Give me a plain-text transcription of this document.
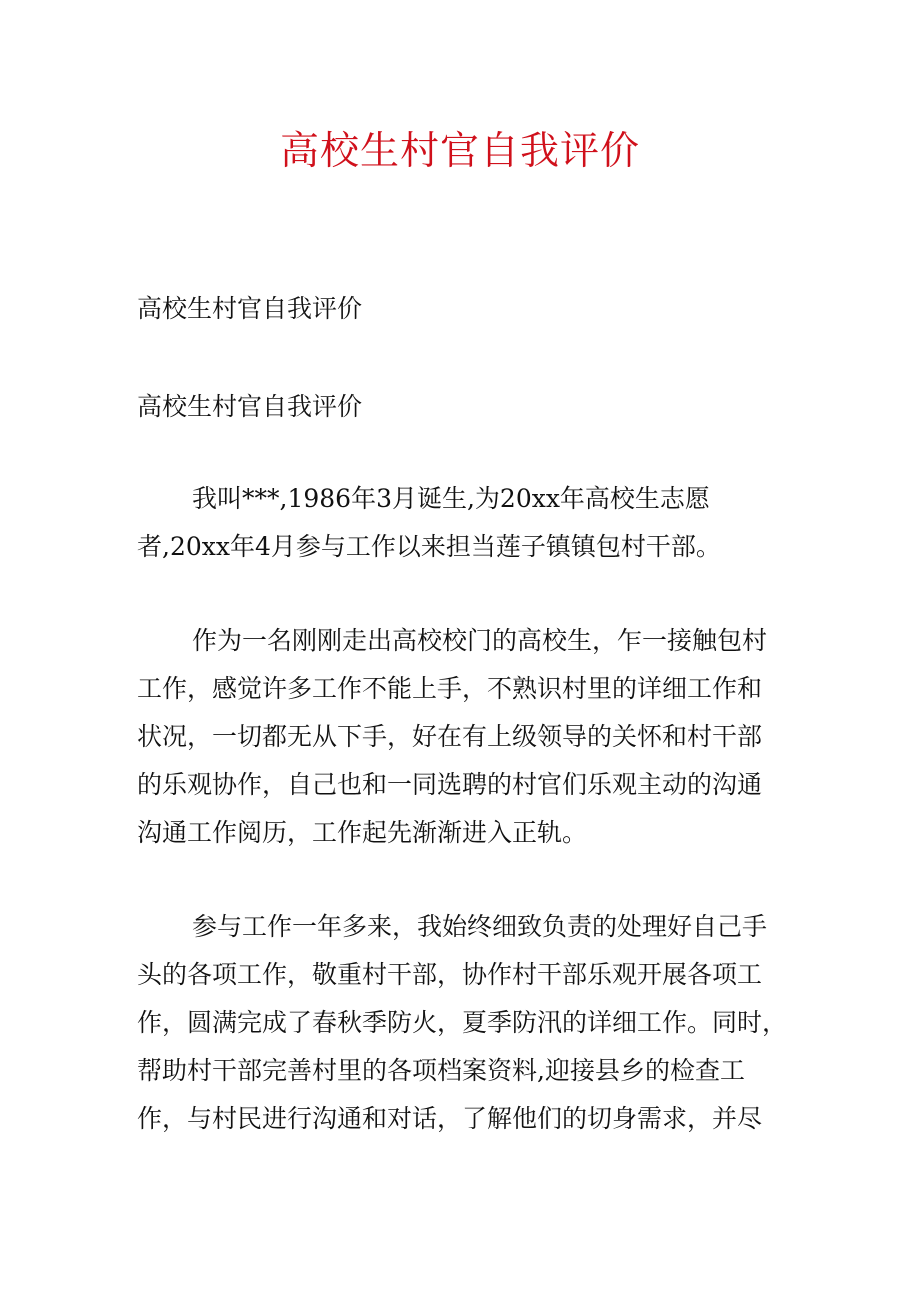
高校生村官自我评价
高校生村官自我评价
高校生村官自我评价
我叫***,1986年3月诞生,为20xx年高校生志愿
者,20xx年4月参与工作以来担当莲子镇镇包村干部。
作为一名刚刚走出高校校门的高校生，乍一接触包村
工作，感觉许多工作不能上手，不熟识村里的详细工作和
状况，一切都无从下手，好在有上级领导的关怀和村干部
的乐观协作，自己也和一同选聘的村官们乐观主动的沟通
沟通工作阅历，工作起先渐渐进入正轨。
参与工作一年多来，我始终细致负责的处理好自己手
头的各项工作，敬重村干部，协作村干部乐观开展各项工
作，圆满完成了春秋季防火，夏季防汛的详细工作。同时，
帮助村干部完善村里的各项档案资料,迎接县乡的检查工
作，与村民进行沟通和对话，了解他们的切身需求，并尽
